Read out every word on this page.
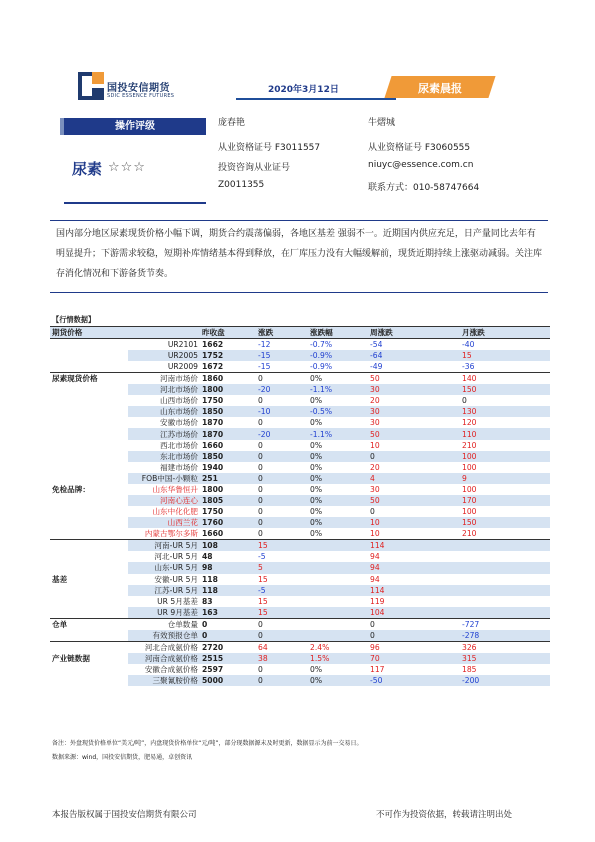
国投安信期货
SDIC ESSENCE FUTURES
2020年3月12日	尿素晨报
操作评级
尿素 ☆☆☆
庞春艳
从业资格证号 F3011557
投资咨询从业证号
Z0011355
牛熠城
从业资格证号 F3060555
niuyc@essence.com.cn
联系方式：010-58747664
国内部分地区尿素现货价格小幅下调，期货合约震荡偏弱，各地区基差 强弱不一。近期国内供应充足，日产量同比去年有明显提升；下游需求较稳，短期补库情绪基本得到释放，在厂库压力没有大幅缓解前，现货近期持续上涨驱动减弱。关注库存消化情况和下游备货节奏。
【行情数据】
期货价格		昨收盘	涨跌	涨跌幅	周涨跌	月涨跌
	UR2101	1662	-12	-0.7%	-54	-40
	UR2005	1752	-15	-0.9%	-64	15
	UR2009	1672	-15	-0.9%	-49	-36
尿素现货价格	河南市场价	1860	0	0%	50	140
	河北市场价	1800	-20	-1.1%	30	150
	山西市场价	1750	0	0%	20	0
	山东市场价	1850	-10	-0.5%	30	130
	安徽市场价	1870	0	0%	30	120
	江苏市场价	1870	-20	-1.1%	50	110
	西北市场价	1660	0	0%	10	210
	东北市场价	1850	0	0%	0	100
	福建市场价	1940	0	0%	20	100
	FOB中国-小颗粒	251	0	0%	4	9
免检品牌：	山东华鲁恒升	1800	0	0%	30	100
	河南心连心	1805	0	0%	50	170
	山东中化化肥	1750	0	0%	0	100
	山西兰花	1760	0	0%	10	150
	内蒙古鄂尔多斯	1660	0	0%	10	210
	河南-UR 5月	108	15		114	
	河北-UR 5月	48	-5		94	
	山东-UR 5月	98	5		94	
基差	安徽-UR 5月	118	15		94	
	江苏-UR 5月	118	-5		114	
	UR 5月基差	83	15		119	
	UR 9月基差	163	15		104	
仓单	仓单数量	0	0		0	-727
	有效预报仓单	0	0		0	-278
	河北合成氨价格	2720	64	2.4%	96	326
产业链数据	河南合成氨价格	2515	38	1.5%	70	315
	安徽合成氨价格	2597	0	0%	117	185
	三聚氰胺价格	5000	0	0%	-50	-200
备注：外盘现货价格单位“美元/吨”，内盘现货价格单位“元/吨”，部分现数据源未及时更新，数据显示为前一交易日。
数据来源：wind，国投安信期货，肥易通，卓创资讯
本报告版权属于国投安信期货有限公司	不可作为投资依据，转载请注明出处
